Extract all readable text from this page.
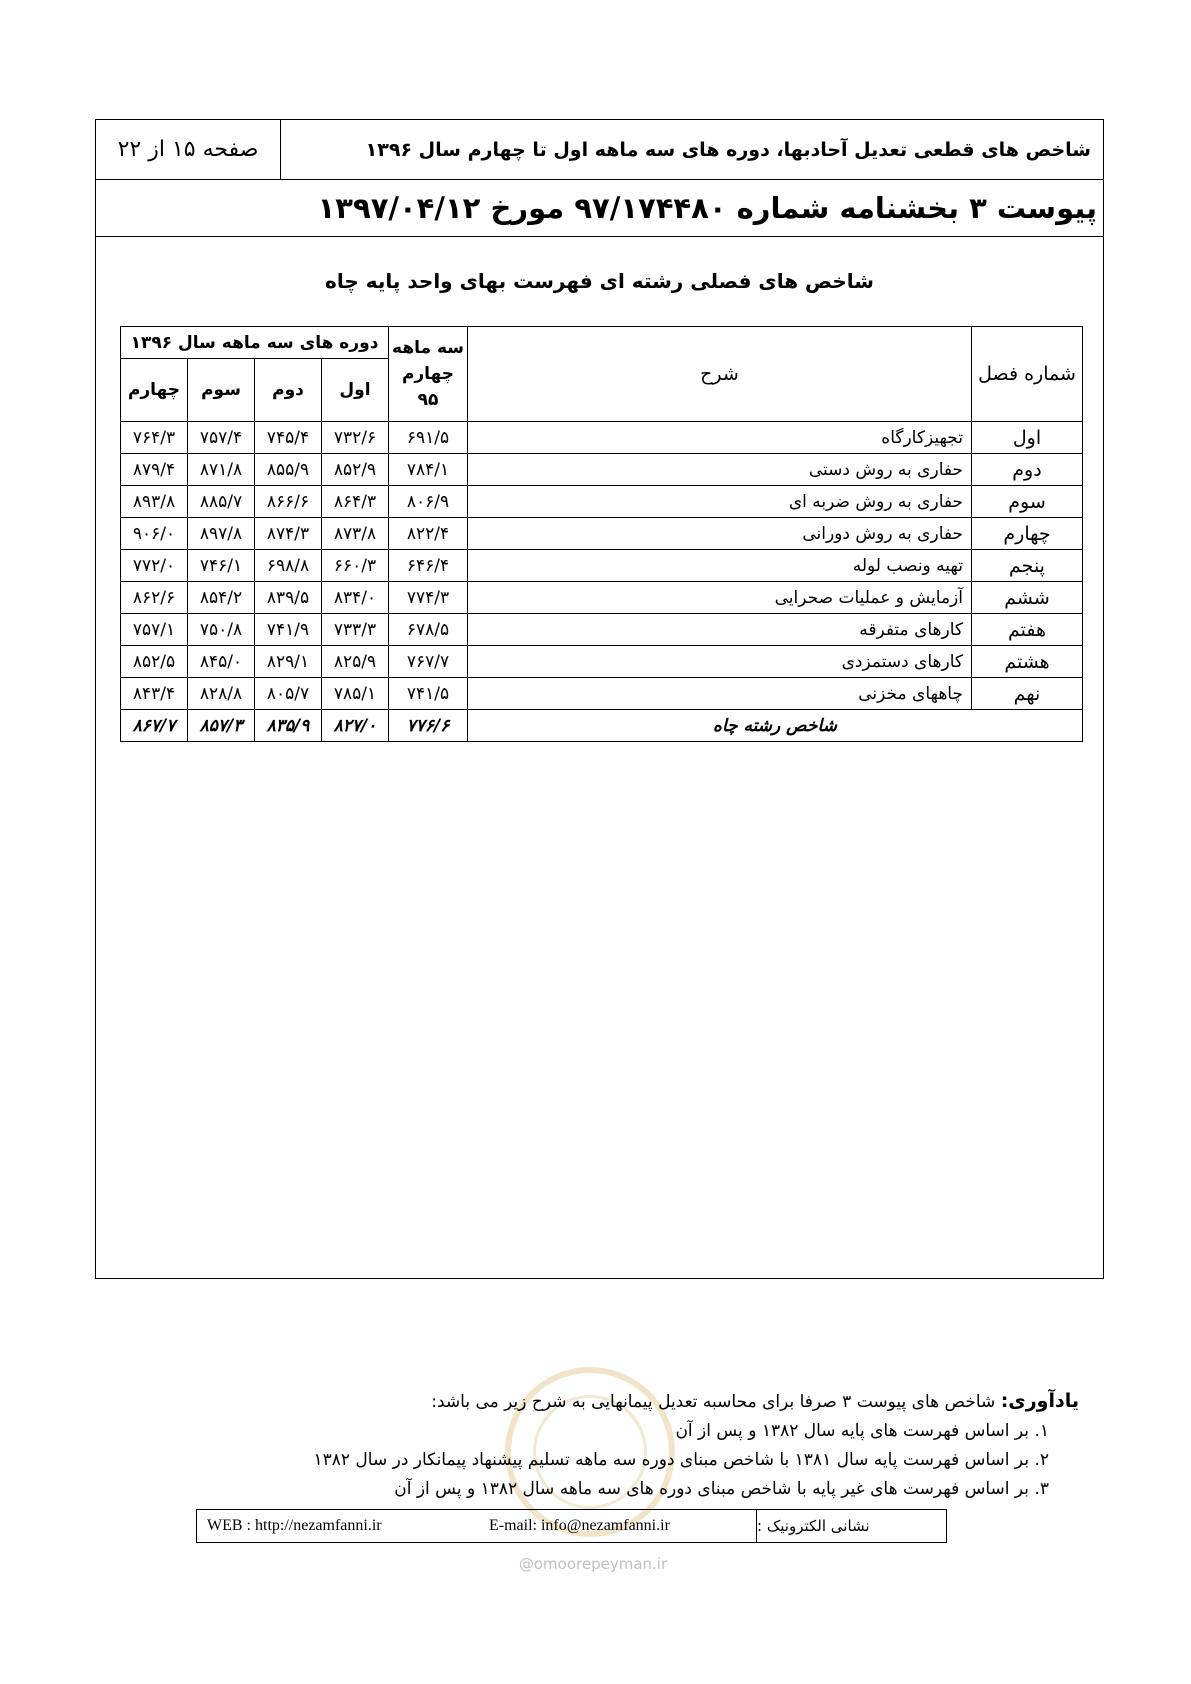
صفحه ۱۵ از ۲۲	شاخص های قطعی تعدیل آحادبها، دوره های سه ماهه اول تا چهارم سال ۱۳۹۶
پیوست ۳ بخشنامه شماره ۹۷/۱۷۴۴۸۰ مورخ ۱۳۹۷/۰۴/۱۲
شاخص های فصلی رشته ای فهرست بهای واحد پایه چاه
شماره فصل	شرح	سه ماهه چهارم ۹۵	دوره های سه ماهه سال ۱۳۹۶			
			اول	دوم	سوم	چهارم
اول	تجهیزکارگاه	۶۹۱/۵	۷۳۲/۶	۷۴۵/۴	۷۵۷/۴	۷۶۴/۳
دوم	حفاری به روش دستی	۷۸۴/۱	۸۵۲/۹	۸۵۵/۹	۸۷۱/۸	۸۷۹/۴
سوم	حفاری به روش ضربه ای	۸۰۶/۹	۸۶۴/۳	۸۶۶/۶	۸۸۵/۷	۸۹۳/۸
چهارم	حفاری به روش دورانی	۸۲۲/۴	۸۷۳/۸	۸۷۴/۳	۸۹۷/۸	۹۰۶/۰
پنجم	تهیه ونصب لوله	۶۴۶/۴	۶۶۰/۳	۶۹۸/۸	۷۴۶/۱	۷۷۲/۰
ششم	آزمایش و عملیات صحرایی	۷۷۴/۳	۸۳۴/۰	۸۳۹/۵	۸۵۴/۲	۸۶۲/۶
هفتم	کارهای متفرقه	۶۷۸/۵	۷۳۳/۳	۷۴۱/۹	۷۵۰/۸	۷۵۷/۱
هشتم	کارهای دستمزدی	۷۶۷/۷	۸۲۵/۹	۸۲۹/۱	۸۴۵/۰	۸۵۲/۵
نهم	چاههای مخزنی	۷۴۱/۵	۷۸۵/۱	۸۰۵/۷	۸۲۸/۸	۸۴۳/۴
شاخص رشته چاه		۷۷۶/۶	۸۲۷/۰	۸۳۵/۹	۸۵۷/۳	۸۶۷/۷
یادآوری: شاخص های پیوست ۳ صرفا برای محاسبه تعدیل پیمانهایی به شرح زیر می باشد:
۱. بر اساس فهرست های پایه سال ۱۳۸۲ و پس از آن
۲. بر اساس فهرست پایه سال ۱۳۸۱ با شاخص مبنای دوره سه ماهه تسلیم پیشنهاد پیمانکار در سال ۱۳۸۲
۳. بر اساس فهرست های غیر پایه با شاخص مبنای دوره های سه ماهه سال ۱۳۸۲ و پس از آن
WEB : http://nezamfanni.ir	E-mail: info@nezamfanni.ir	نشانی الکترونیک :
@omoorepeyman.ir
